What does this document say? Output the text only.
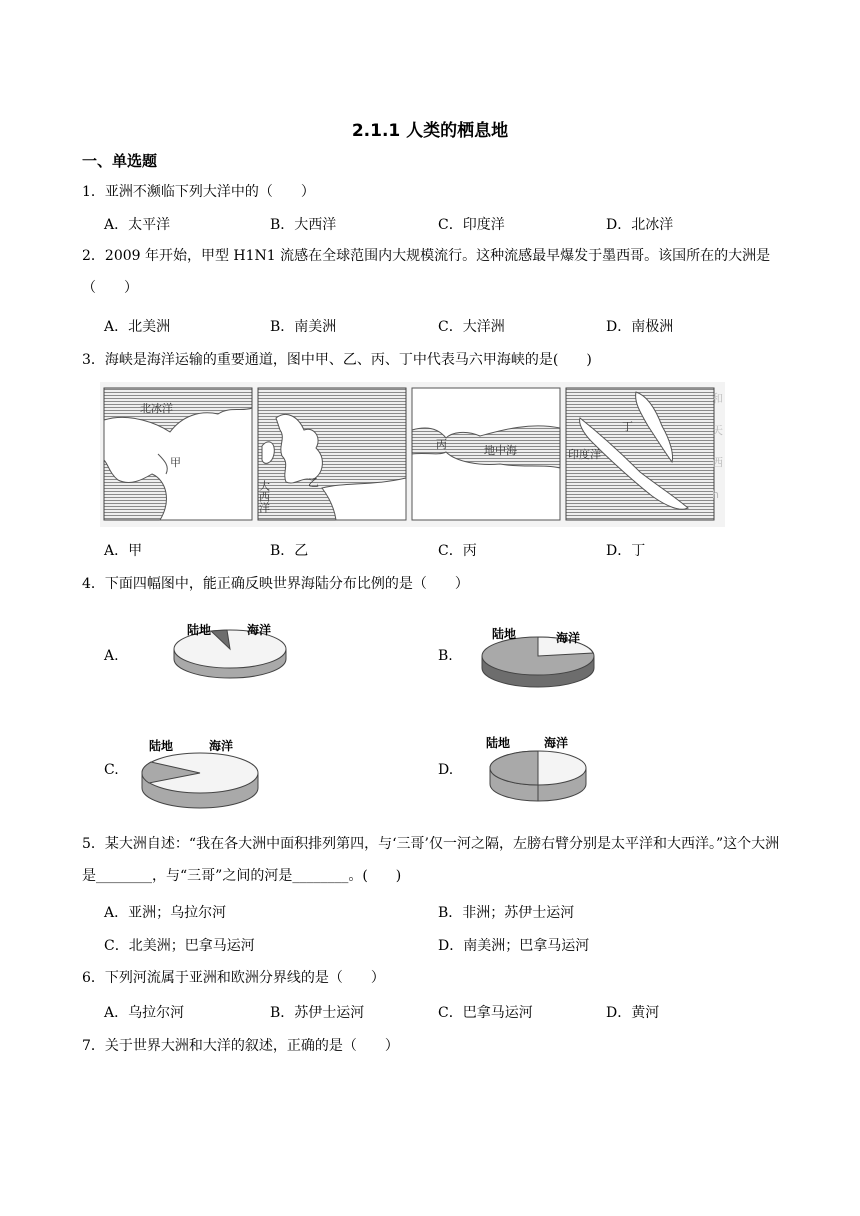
2.1.1 人类的栖息地
一、单选题
1．亚洲不濒临下列大洋中的（　　）
A．太平洋	B．大西洋	C．印度洋	D．北冰洋
2．2009 年开始，甲型 H1N1 流感在全球范围内大规模流行。这种流感最早爆发于墨西哥。该国所在的大洲是（　　）
A．北美洲	B．南美洲	C．大洋洲	D．南极洲
3．海峡是海洋运输的重要通道，图中甲、乙、丙、丁中代表马六甲海峡的是(　　)
北冰洋
甲
乙
大西洋
丙	地中海
丁
印度洋
和
天
西
h
A．甲	B．乙	C．丙	D．丁
4．下面四幅图中，能正确反映世界海陆分布比例的是（　　）
A.
陆地	海洋
B.
陆地	海洋
C.
陆地	海洋
D.
陆地	海洋
5．某大洲自述：“我在各大洲中面积排列第四，与‘三哥’仅一河之隔，左膀右臂分别是太平洋和大西洋。”这个大洲是________，与“三哥”之间的河是________。(　　)
A．亚洲；乌拉尔河	B．非洲；苏伊士运河
C．北美洲；巴拿马运河	D．南美洲；巴拿马运河
6．下列河流属于亚洲和欧洲分界线的是（　　）
A．乌拉尔河	B．苏伊士运河	C．巴拿马运河	D．黄河
7．关于世界大洲和大洋的叙述，正确的是（　　）
